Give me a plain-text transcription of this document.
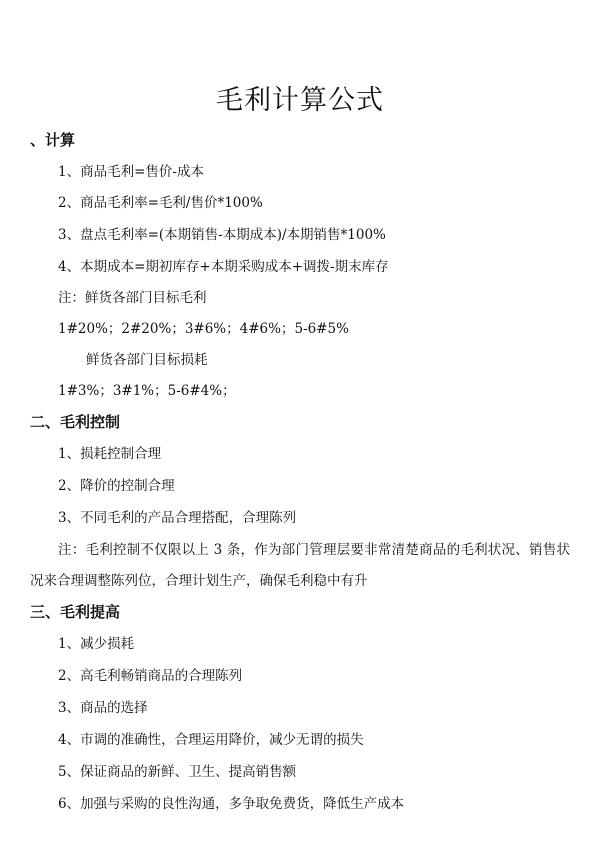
毛利计算公式
、计算
1、商品毛利=售价-成本
2、商品毛利率=毛利/售价*100%
3、盘点毛利率=(本期销售-本期成本)/本期销售*100%
4、本期成本=期初库存+本期采购成本+调拨-期末库存
注：鲜货各部门目标毛利
1#20%；2#20%；3#6%；4#6%；5-6#5%
鲜货各部门目标损耗
1#3%；3#1%；5-6#4%；
二、毛利控制
1、损耗控制合理
2、降价的控制合理
3、不同毛利的产品合理搭配，合理陈列
注：毛利控制不仅限以上 3 条，作为部门管理层要非常清楚商品的毛利状况、销售状况来合理调整陈列位，合理计划生产，确保毛利稳中有升
三、毛利提高
1、减少损耗
2、高毛利畅销商品的合理陈列
3、商品的选择
4、市调的准确性，合理运用降价，减少无谓的损失
5、保证商品的新鲜、卫生、提高销售额
6、加强与采购的良性沟通，多争取免费货，降低生产成本
